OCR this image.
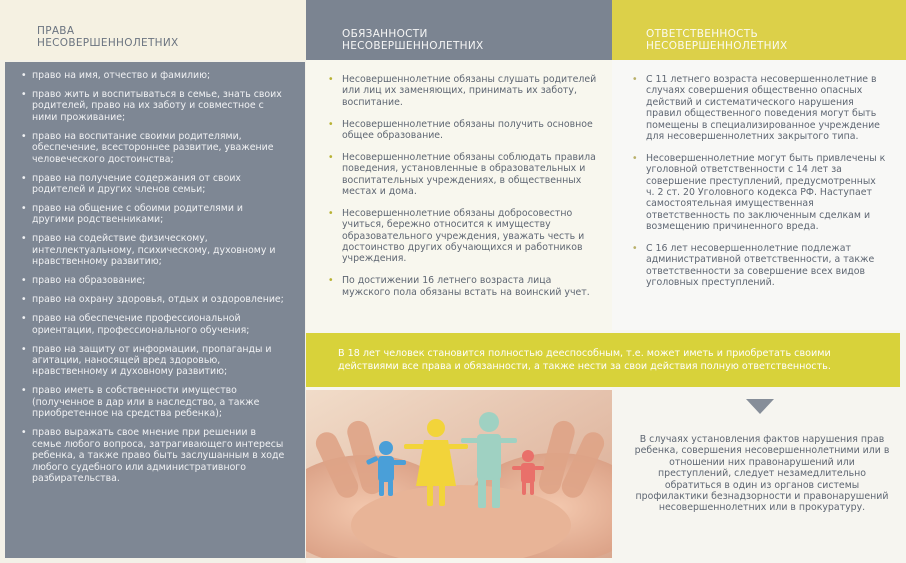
ПРАВА
НЕСОВЕРШЕННОЛЕТНИХ
• право на имя, отчество и фамилию;
• право жить и воспитываться в семье, знать своих родителей, право на их заботу и совместное с ними проживание;
• право на воспитание своими родителями, обеспечение, всестороннее развитие, уважение человеческого достоинства;
• право на получение содержания от своих родителей и других членов семьи;
• право на общение с обоими родителями и другими родственниками;
• право на содействие физическому, интеллектуальному, психическому, духовному и нравственному развитию;
• право на образование;
• право на охрану здоровья, отдых и оздоровление;
• право на обеспечение профессиональной ориентации, профессионального обучения;
• право на защиту от информации, пропаганды и агитации, наносящей вред здоровью, нравственному и духовному развитию;
• право иметь в собственности имущество (полученное в дар или в наследство, а также приобретенное на средства ребенка);
• право выражать свое мнение при решении в семье любого вопроса, затрагивающего интересы ребенка, а также право быть заслушанным в ходе любого судебного или административного разбирательства.
ОБЯЗАННОСТИ
НЕСОВЕРШЕННОЛЕТНИХ
• Несовершеннолетние обязаны слушать родителей или лиц их заменяющих, принимать их заботу, воспитание.
• Несовершеннолетние обязаны получить основное общее образование.
• Несовершеннолетние обязаны соблюдать правила поведения, установленные в образовательных и воспитательных учреждениях, в общественных местах и дома.
• Несовершеннолетние обязаны добросовестно учиться, бережно относится к имуществу образовательного учреждения, уважать честь и достоинство других обучающихся и работников учреждения.
• По достижении 16 летнего возраста лица мужского пола обязаны встать на воинский учет.
ОТВЕТСТВЕННОСТЬ
НЕСОВЕРШЕННОЛЕТНИХ
• С 11 летнего возраста несовершеннолетние в случаях совершения общественно опасных действий и систематического нарушения правил общественного поведения могут быть помещены в специализированное учреждение для несовершеннолетних закрытого типа.
• Несовершеннолетние могут быть привлечены к уголовной ответственности с 14 лет за совершение преступлений, предусмотренных ч. 2 ст. 20 Уголовного кодекса РФ. Наступает самостоятельная имущественная ответственность по заключенным сделкам и возмещению причиненного вреда.
• С 16 лет несовершеннолетние подлежат административной ответственности, а также ответственности за совершение всех видов уголовных преступлений.
В 18 лет человек становится полностью дееспособным, т.е. может иметь и приобретать своими действиями все права и обязанности, а также нести за свои действия полную ответственность.
В случаях установления фактов нарушения прав ребенка, совершения несовершеннолетними или в отношении них правонарушений или преступлений, следует незамедлительно обратиться в один из органов системы профилактики безнадзорности и правонарушений несовершеннолетних или в прокуратуру.
